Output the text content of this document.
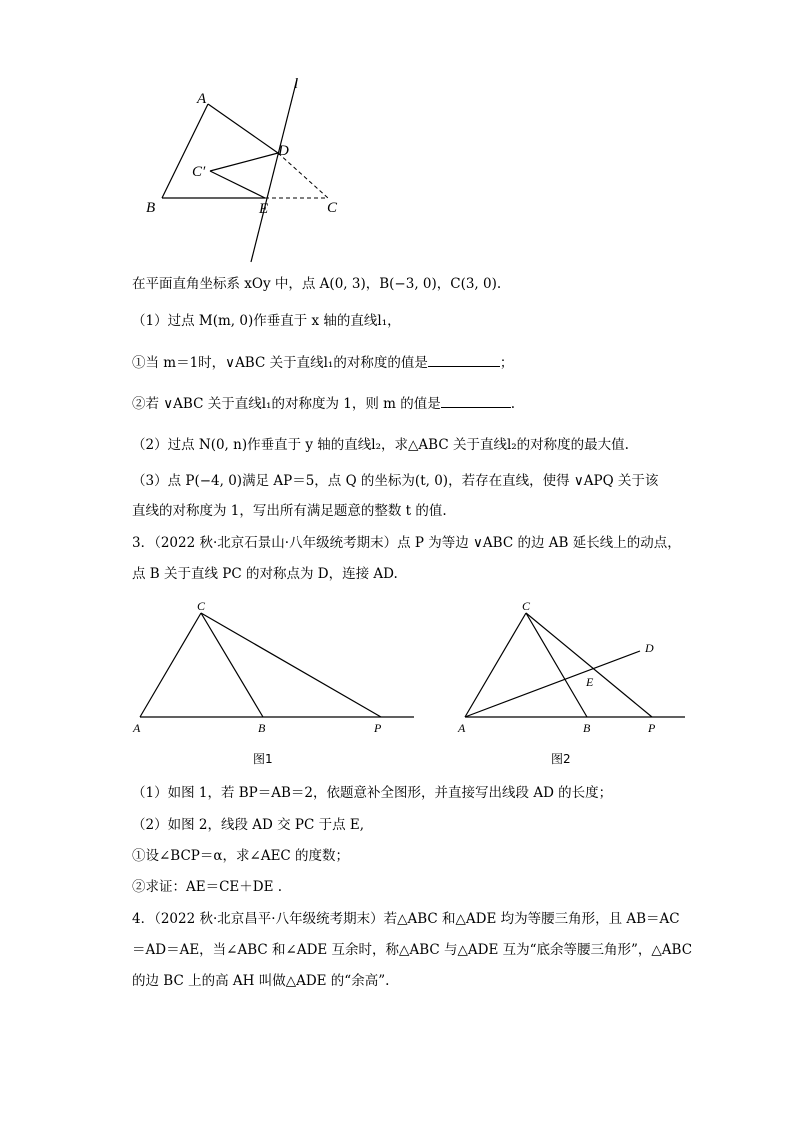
A
B	C
C′
D
E
l
在平面直角坐标系 xOy 中，点 A(0, 3)，B(−3, 0)，C(3, 0).
（1）过点 M(m, 0)作垂直于 x 轴的直线l₁，
①当 m＝1时，∨ABC 关于直线l₁的对称度的值是	；
②若 ∨ABC 关于直线l₁的对称度为 1，则 m 的值是	.
（2）过点 N(0, n)作垂直于 y 轴的直线l₂，求△ABC 关于直线l₂的对称度的最大值.
（3）点 P(−4, 0)满足 AP＝5，点 Q 的坐标为(t, 0)，若存在直线，使得 ∨APQ 关于该
直线的对称度为 1，写出所有满足题意的整数 t 的值.
3．（2022 秋·北京石景山·八年级统考期末）点 P 为等边 ∨ABC 的边 AB 延长线上的动点，
点 B 关于直线 PC 的对称点为 D，连接 AD.
C
A	B	P
图1
C
A	B	P
D
E
图2
（1）如图 1，若 BP＝AB＝2，依题意补全图形，并直接写出线段 AD 的长度；
（2）如图 2，线段 AD 交 PC 于点 E,
①设∠BCP＝α，求∠AEC 的度数；
②求证：AE＝CE＋DE .
4．（2022 秋·北京昌平·八年级统考期末）若△ABC 和△ADE 均为等腰三角形，且 AB＝AC
＝AD＝AE，当∠ABC 和∠ADE 互余时，称△ABC 与△ADE 互为“底余等腰三角形”，△ABC
的边 BC 上的高 AH 叫做△ADE 的“余高”.
